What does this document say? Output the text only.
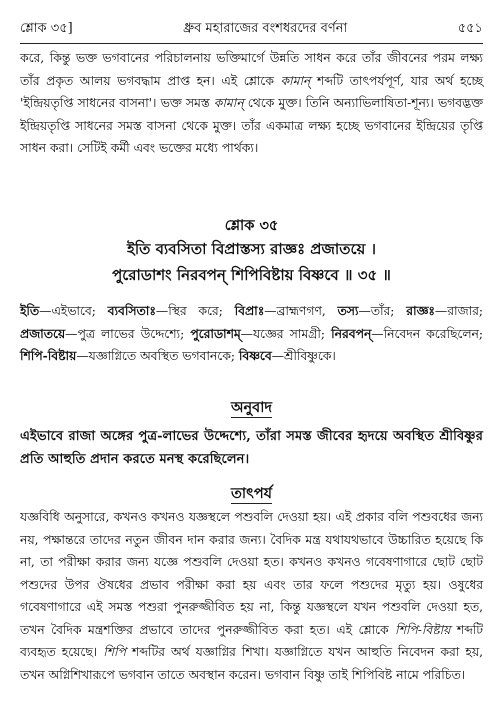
শ্লোক ৩৫]	ধ্রুব মহারাজের বংশধরদের বর্ণনা	৫৫১

করে, কিন্তু ভক্ত ভগবানের পরিচালনায় ভক্তিমার্গে উন্নতি সাধন করে তাঁর জীবনের পরম লক্ষ্য তাঁর প্রকৃত আলয় ভগবদ্ধাম প্রাপ্ত হন। এই শ্লোকে কামান্ শব্দটি তাৎপর্যপূর্ণ, যার অর্থ হচ্ছে 'ইন্দ্রিয়তৃপ্তি সাধনের বাসনা'। ভক্ত সমস্ত কামান্ থেকে মুক্ত। তিনি অন্যাভিলাষিতা-শূন্য। ভগবদ্ভক্ত ইন্দ্রিয়তৃপ্তি সাধনের সমস্ত বাসনা থেকে মুক্ত। তাঁর একমাত্র লক্ষ্য হচ্ছে ভগবানের ইন্দ্রিয়ের তৃপ্তি সাধন করা। সেটিই কর্মী এবং ভক্তের মধ্যে পার্থক্য।

শ্লোক ৩৫
ইতি ব্যবসিতা বিপ্রাস্তস্য রাজ্ঞঃ প্রজাতয়ে ।
পুরোডাশং নিরবপন্ শিপিবিষ্টায় বিষ্ণবে ॥ ৩৫ ॥

ইতি—এইভাবে; ব্যবসিতাঃ—স্থির করে; বিপ্রাঃ—ব্রাহ্মণগণ, তস্য—তাঁর; রাজ্ঞঃ—রাজার; প্রজাতয়ে—পুত্র লাভের উদ্দেশ্যে; পুরোডাশম্—যজ্ঞের সামগ্রী; নিরবপন্—নিবেদন করেছিলেন; শিপি-বিষ্টায়—যজ্ঞাগ্নিতে অবস্থিত ভগবানকে; বিষ্ণবে—শ্রীবিষ্ণুকে।

অনুবাদ

এইভাবে রাজা অঙ্গের পুত্র-লাভের উদ্দেশ্যে, তাঁরা সমস্ত জীবের হৃদয়ে অবস্থিত শ্রীবিষ্ণুর প্রতি আহুতি প্রদান করতে মনস্থ করেছিলেন।

তাৎপর্য

যজ্ঞবিধি অনুসারে, কখনও কখনও যজ্ঞস্থলে পশুবলি দেওয়া হয়। এই প্রকার বলি পশুবধের জন্য নয়, পক্ষান্তরে তাদের নতুন জীবন দান করার জন্য। বৈদিক মন্ত্র যথাযথভাবে উচ্চারিত হয়েছে কি না, তা পরীক্ষা করার জন্য যজ্ঞে পশুবলি দেওয়া হত। কখনও কখনও গবেষণাগারে ছোট ছোট পশুদের উপর ঔষধের প্রভাব পরীক্ষা করা হয় এবং তার ফলে পশুদের মৃত্যু হয়। ওষুধের গবেষণাগারে এই সমস্ত পশুরা পুনরুজ্জীবিত হয় না, কিন্তু যজ্ঞস্থলে যখন পশুবলি দেওয়া হত, তখন বৈদিক মন্ত্রশক্তির প্রভাবে তাদের পুনরুজ্জীবিত করা হত। এই শ্লোকে শিপি-বিষ্টায় শব্দটি ব্যবহৃত হয়েছে। শিপি শব্দটির অর্থ যজ্ঞাগ্নির শিখা। যজ্ঞাগ্নিতে যখন আহুতি নিবেদন করা হয়, তখন অগ্নিশিখারূপে ভগবান তাতে অবস্থান করেন। ভগবান বিষ্ণু তাই শিপিবিষ্ট নামে পরিচিত।
